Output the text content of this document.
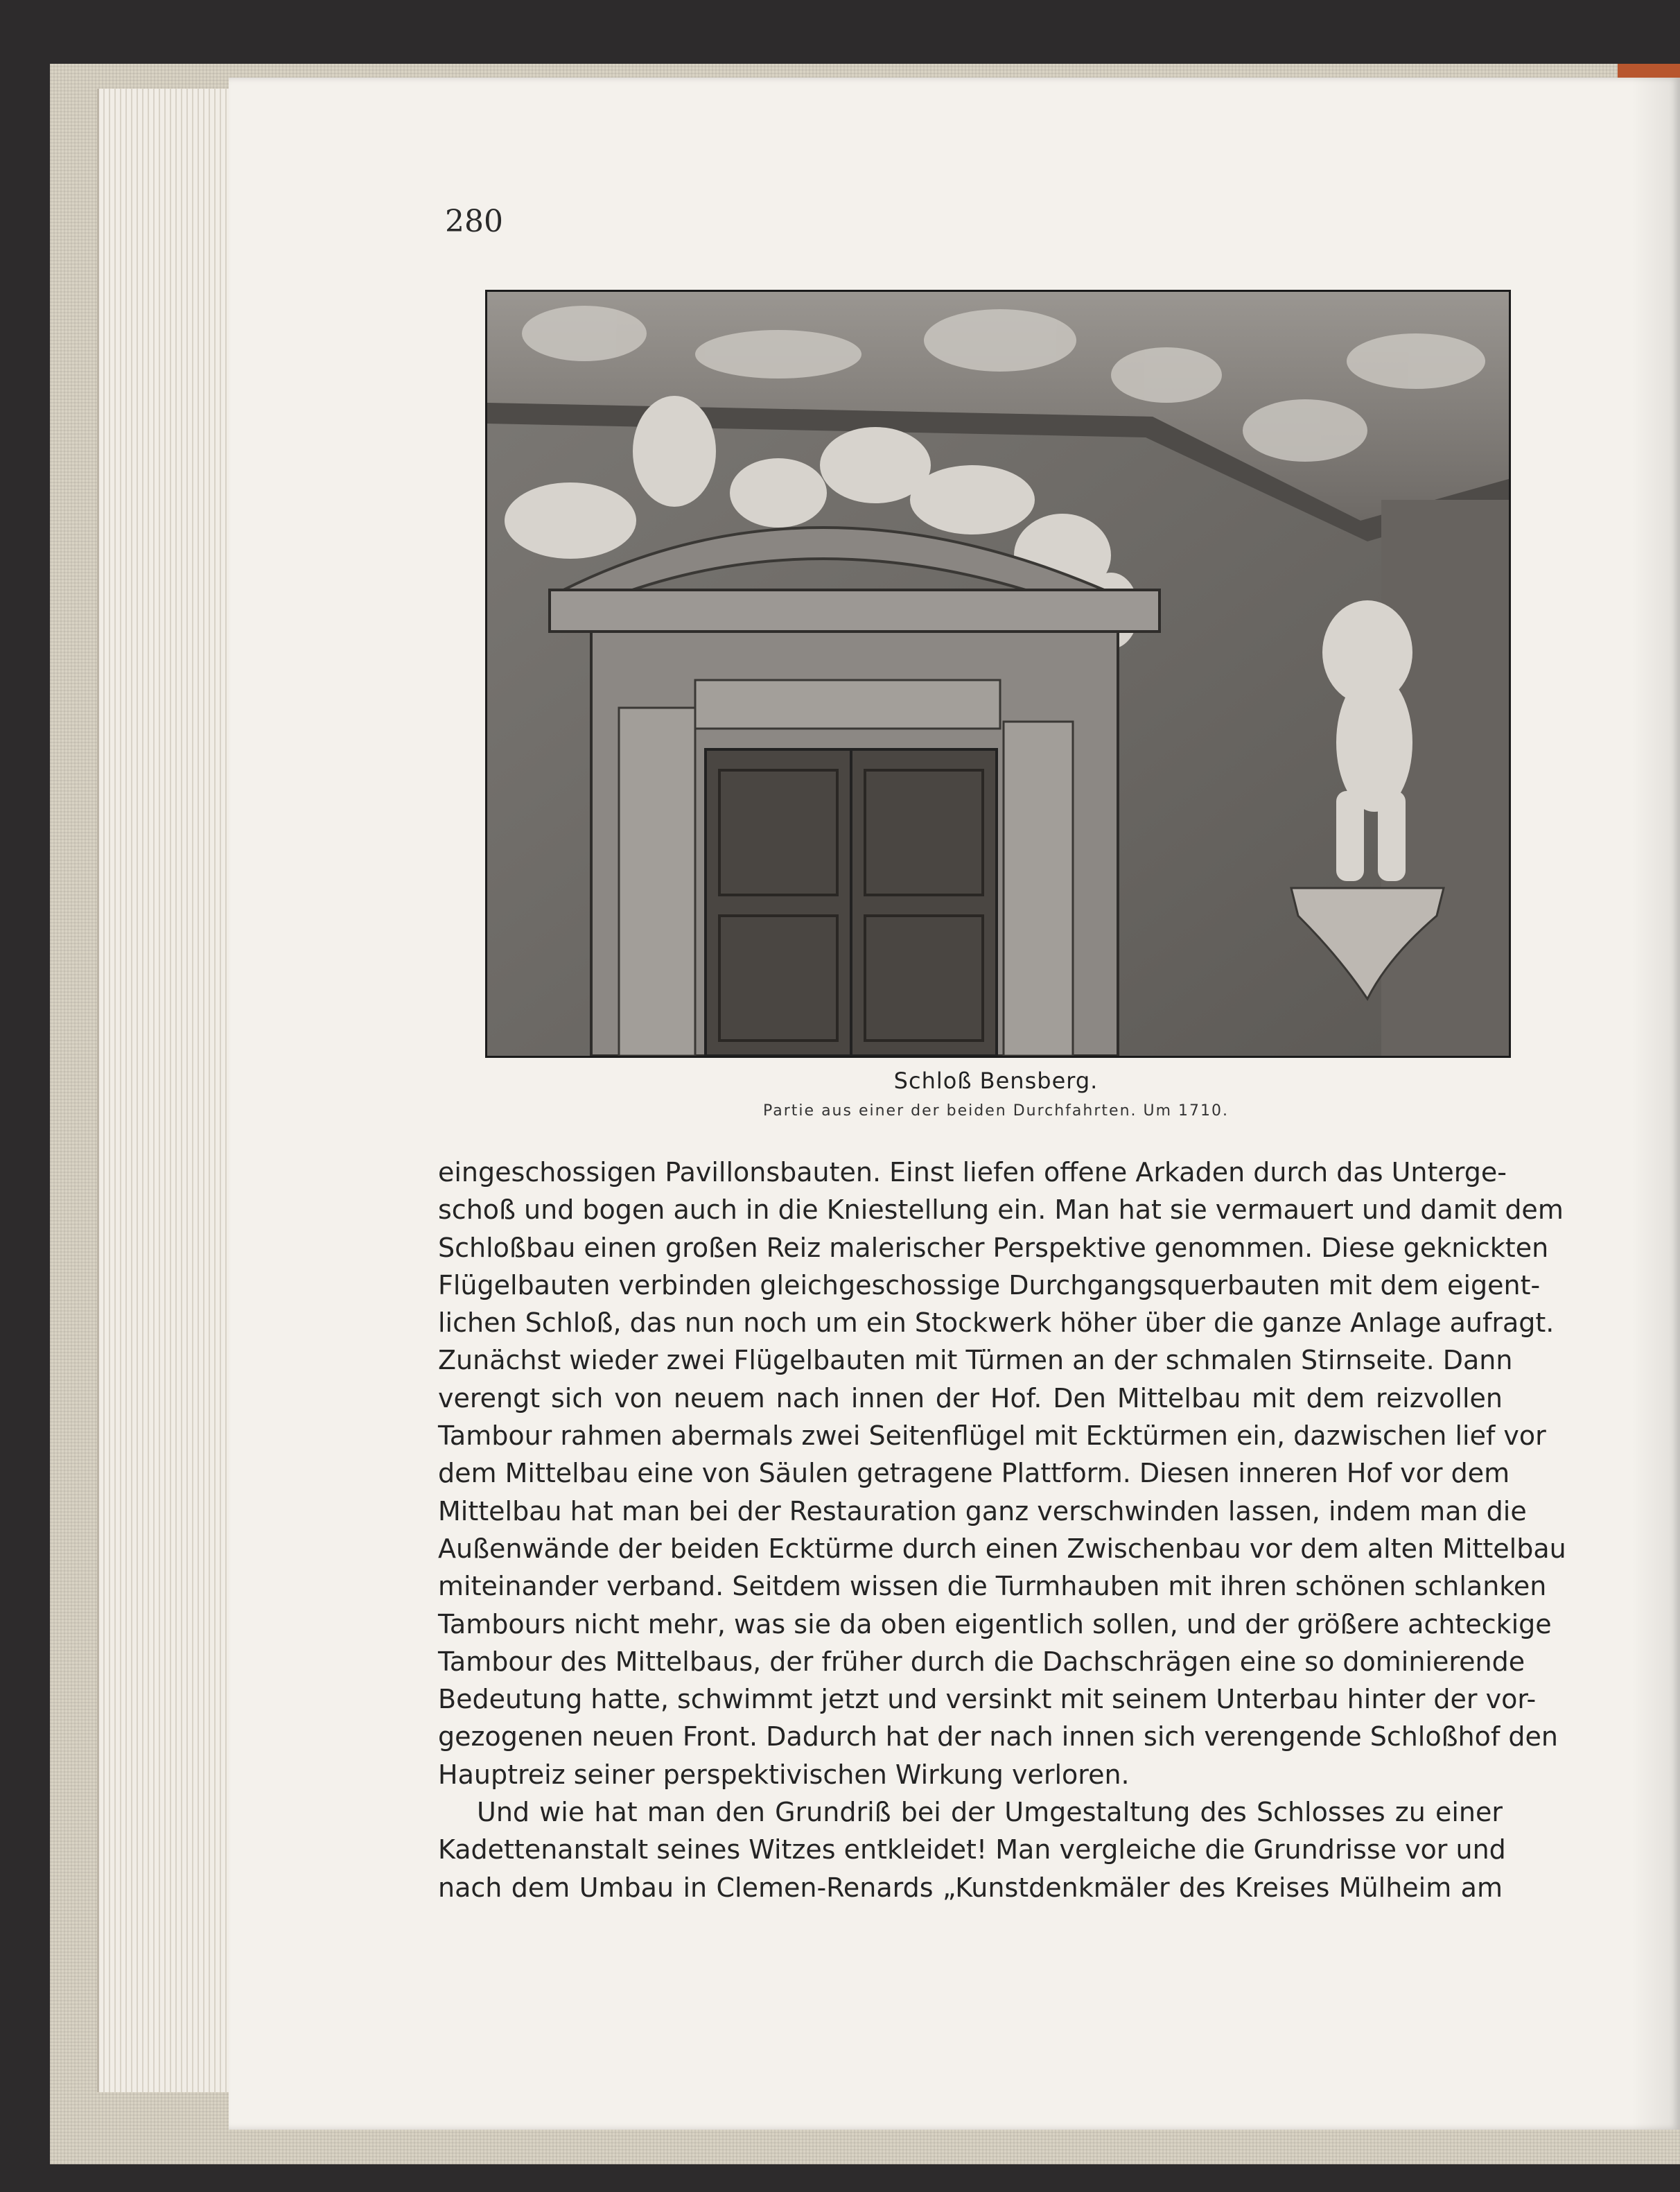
280
Schloß Bensberg.
Partie aus einer der beiden Durchfahrten. Um 1710.
eingeschossigen Pavillonsbauten. Einst liefen offene Arkaden durch das Unterge-
schoß und bogen auch in die Kniestellung ein. Man hat sie vermauert und damit dem
Schloßbau einen großen Reiz malerischer Perspektive genommen. Diese geknickten
Flügelbauten verbinden gleichgeschossige Durchgangsquerbauten mit dem eigent-
lichen Schloß, das nun noch um ein Stockwerk höher über die ganze Anlage aufragt.
Zunächst wieder zwei Flügelbauten mit Türmen an der schmalen Stirnseite. Dann
verengt sich von neuem nach innen der Hof. Den Mittelbau mit dem reizvollen
Tambour rahmen abermals zwei Seitenflügel mit Ecktürmen ein, dazwischen lief vor
dem Mittelbau eine von Säulen getragene Plattform. Diesen inneren Hof vor dem
Mittelbau hat man bei der Restauration ganz verschwinden lassen, indem man die
Außenwände der beiden Ecktürme durch einen Zwischenbau vor dem alten Mittelbau
miteinander verband. Seitdem wissen die Turmhauben mit ihren schönen schlanken
Tambours nicht mehr, was sie da oben eigentlich sollen, und der größere achteckige
Tambour des Mittelbaus, der früher durch die Dachschrägen eine so dominierende
Bedeutung hatte, schwimmt jetzt und versinkt mit seinem Unterbau hinter der vor-
gezogenen neuen Front. Dadurch hat der nach innen sich verengende Schloßhof den
Hauptreiz seiner perspektivischen Wirkung verloren.
Und wie hat man den Grundriß bei der Umgestaltung des Schlosses zu einer
Kadettenanstalt seines Witzes entkleidet! Man vergleiche die Grundrisse vor und
nach dem Umbau in Clemen-Renards „Kunstdenkmäler des Kreises Mülheim am
